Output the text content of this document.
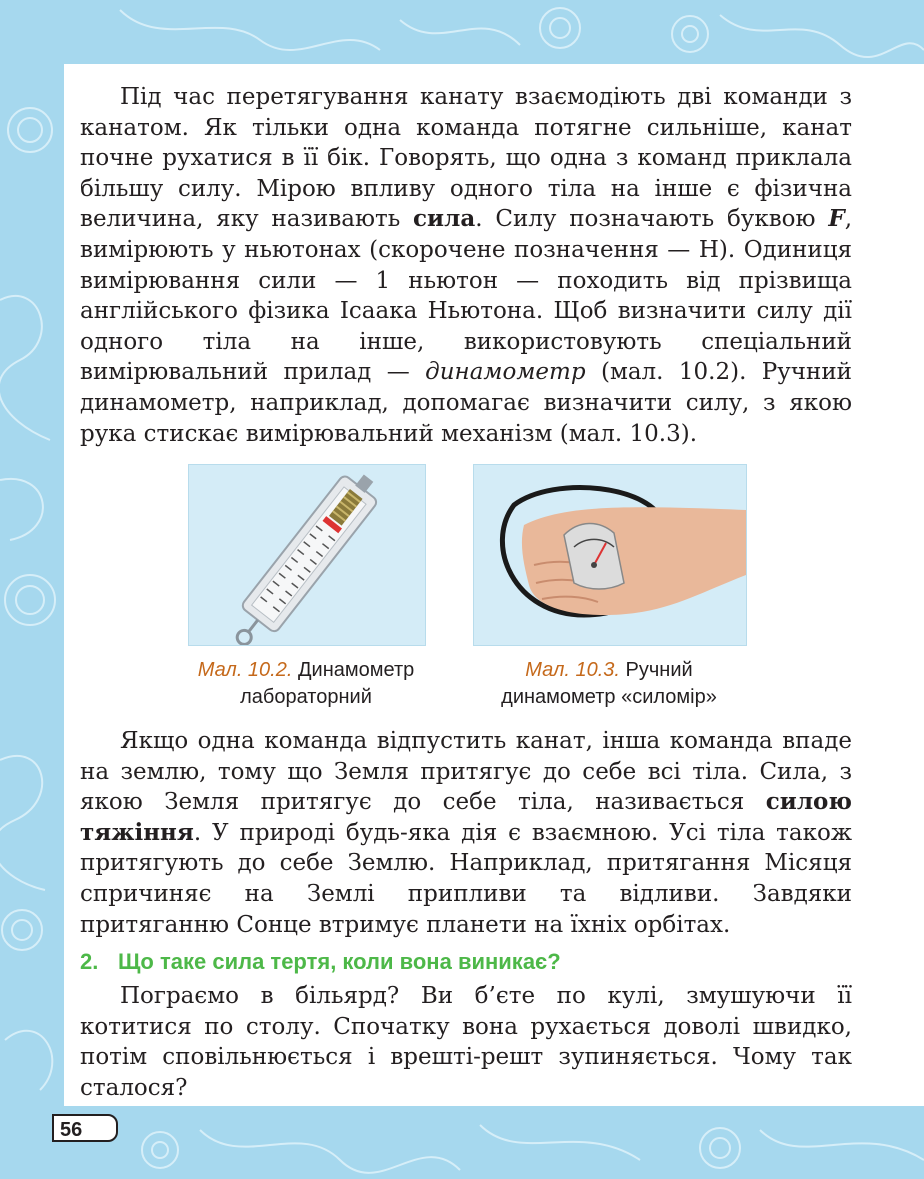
Під час перетягування канату взаємодіють дві команди з канатом. Як тільки одна команда потягне сильніше, канат почне рухатися в її бік. Говорять, що одна з команд приклала більшу силу. Мірою впливу одного тіла на інше є фізична величина, яку називають сила. Силу позначають буквою F, вимірюють у ньютонах (скорочене позначення — Н). Одиниця вимірювання сили — 1 ньютон — походить від прізвища англійського фізика Ісаака Ньютона. Щоб визначити силу дії одного тіла на інше, використовують спеціальний вимірювальний прилад — динамометр (мал. 10.2). Ручний динамометр, наприклад, допомагає визначити силу, з якою рука стискає вимірювальний механізм (мал. 10.3).

Мал. 10.2. Динамометр
лабораторний
Мал. 10.3. Ручний
динамометр «силомір»

Якщо одна команда відпустить канат, інша команда впаде на землю, тому що Земля притягує до себе всі тіла. Сила, з якою Земля притягує до себе тіла, називається силою тяжіння. У природі будь-яка дія є взаємною. Усі тіла також притягують до себе Землю. Наприклад, притягання Місяця спричиняє на Землі припливи та відливи. Завдяки притяганню Сонце втримує планети на їхніх орбітах.

2. Що таке сила тертя, коли вона виникає?

Пограємо в більярд? Ви б’єте по кулі, змушуючи її котитися по столу. Спочатку вона рухається доволі швидко, потім сповільнюється і врешті-решт зупиняється. Чому так сталося?

56
